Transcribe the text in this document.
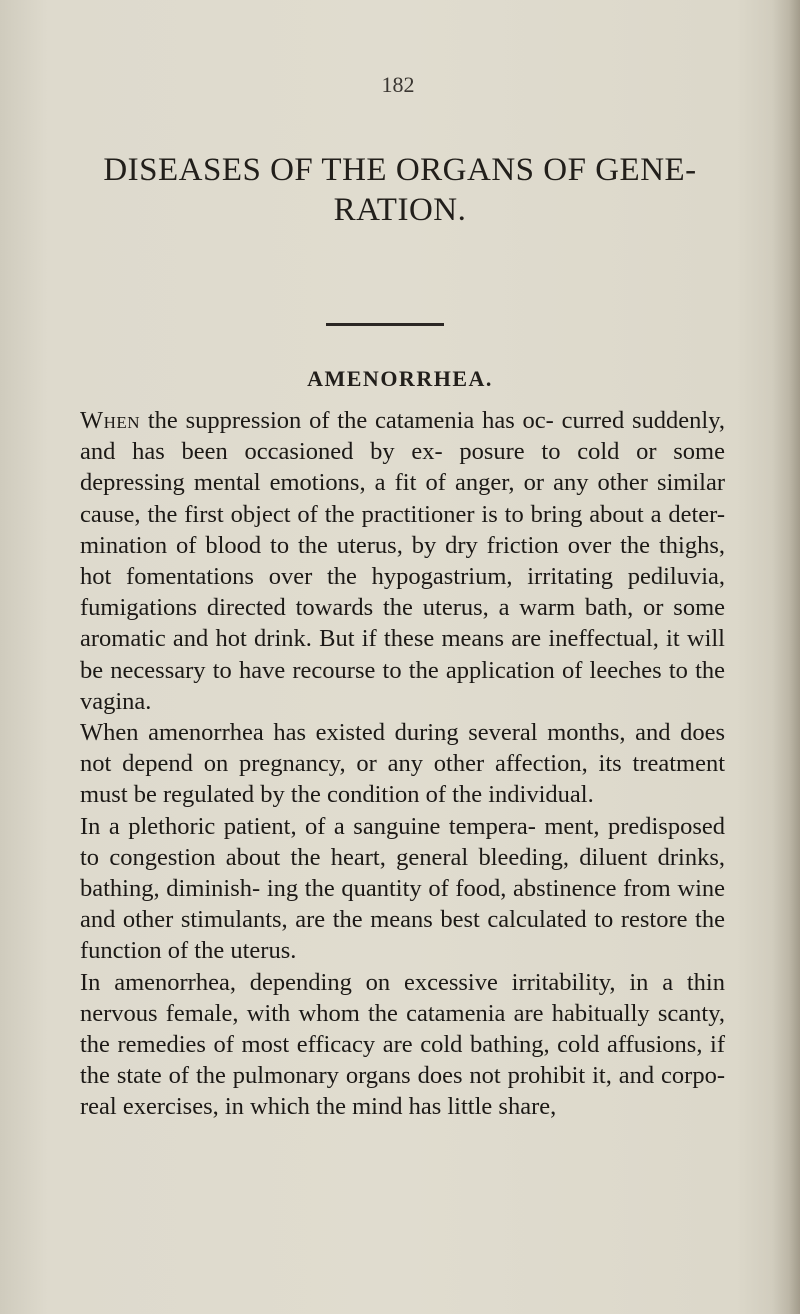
182
DISEASES OF THE ORGANS OF GENE- RATION.
AMENORRHEA.

When the suppression of the catamenia has oc- curred suddenly, and has been occasioned by ex- posure to cold or some depressing mental emotions, a fit of anger, or any other similar cause, the first object of the practitioner is to bring about a deter- mination of blood to the uterus, by dry friction over the thighs, hot fomentations over the hypogastrium, irritating pediluvia, fumigations directed towards the uterus, a warm bath, or some aromatic and hot drink. But if these means are ineffectual, it will be necessary to have recourse to the application of leeches to the vagina.

When amenorrhea has existed during several months, and does not depend on pregnancy, or any other affection, its treatment must be regulated by the condition of the individual.

In a plethoric patient, of a sanguine tempera- ment, predisposed to congestion about the heart, general bleeding, diluent drinks, bathing, diminish- ing the quantity of food, abstinence from wine and other stimulants, are the means best calculated to restore the function of the uterus.

In amenorrhea, depending on excessive irritability, in a thin nervous female, with whom the catamenia are habitually scanty, the remedies of most efficacy are cold bathing, cold affusions, if the state of the pulmonary organs does not prohibit it, and corpo- real exercises, in which the mind has little share,
